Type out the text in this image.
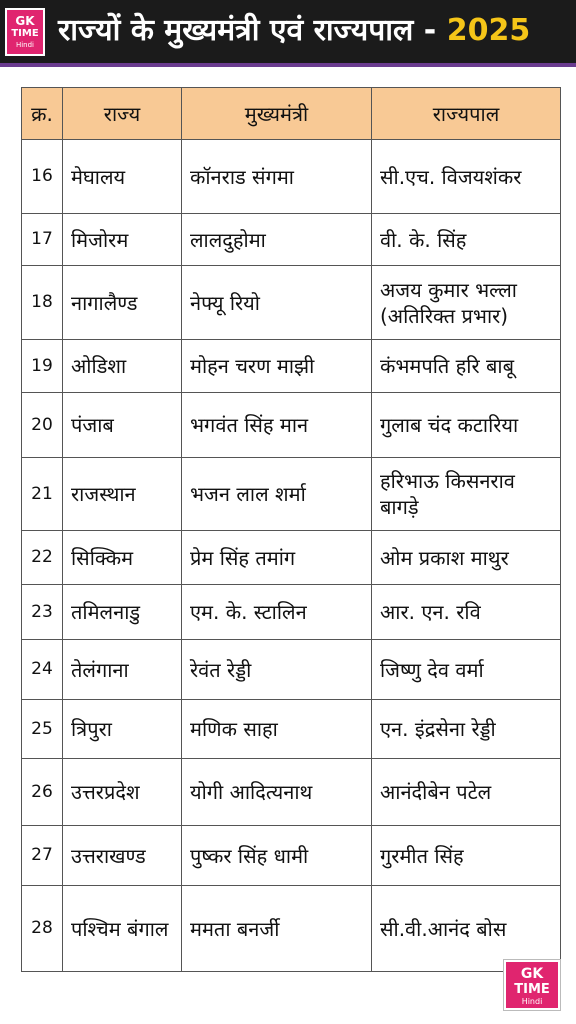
GK
TIME
Hindi राज्यों के मुख्यमंत्री एवं राज्यपाल - 2025
क्र.	राज्य	मुख्यमंत्री	राज्यपाल
16	मेघालय	कॉनराड संगमा	सी.एच. विजयशंकर
17	मिजोरम	लालदुहोमा	वी. के. सिंह
18	नागालैण्ड	नेफ्यू रियो	अजय कुमार भल्ला (अतिरिक्त प्रभार)
19	ओडिशा	मोहन चरण माझी	कंभमपति हरि बाबू
20	पंजाब	भगवंत सिंह मान	गुलाब चंद कटारिया
21	राजस्थान	भजन लाल शर्मा	हरिभाऊ किसनराव बागड़े
22	सिक्किम	प्रेम सिंह तमांग	ओम प्रकाश माथुर
23	तमिलनाडु	एम. के. स्टालिन	आर. एन. रवि
24	तेलंगाना	रेवंत रेड्डी	जिष्णु देव वर्मा
25	त्रिपुरा	मणिक साहा	एन. इंद्रसेना रेड्डी
26	उत्तरप्रदेश	योगी आदित्यनाथ	आनंदीबेन पटेल
27	उत्तराखण्ड	पुष्कर सिंह धामी	गुरमीत सिंह
28	पश्चिम बंगाल	ममता बनर्जी	सी.वी.आनंद बोस
GK
TIME
Hindi
